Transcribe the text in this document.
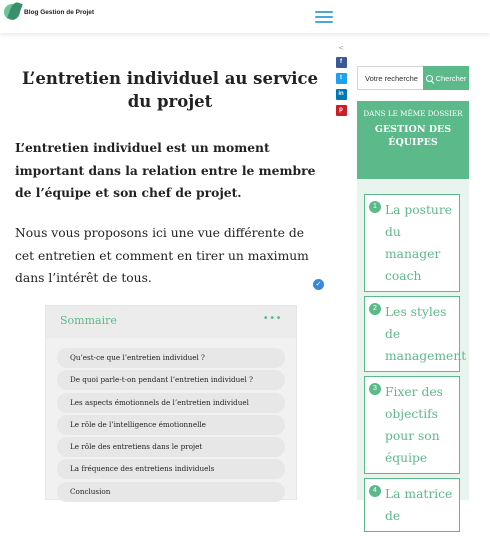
Blog Gestion de Projet
L’entretien individuel au service du projet

L’entretien individuel est un moment important dans la relation entre le membre de l’équipe et son chef de projet.

Nous vous proposons ici une vue différente de cet entretien et comment en tirer un maximum dans l’intérêt de tous.

<
f
t
in
p
✓
Sommaire	•••
Qu’est-ce que l’entretien individuel ?
De quoi parle-t-on pendant l’entretien individuel ?
Les aspects émotionnels de l’entretien individuel
Le rôle de l’intelligence émotionnelle
Le rôle des entretiens dans le projet
La fréquence des entretiens individuels
Conclusion
Votre recherche
Chercher
DANS LE MÊME DOSSIER
GESTION DES ÉQUIPES
1 La posture du manager coach
2 Les styles de management
3 Fixer des objectifs pour son équipe
4 La matrice de
